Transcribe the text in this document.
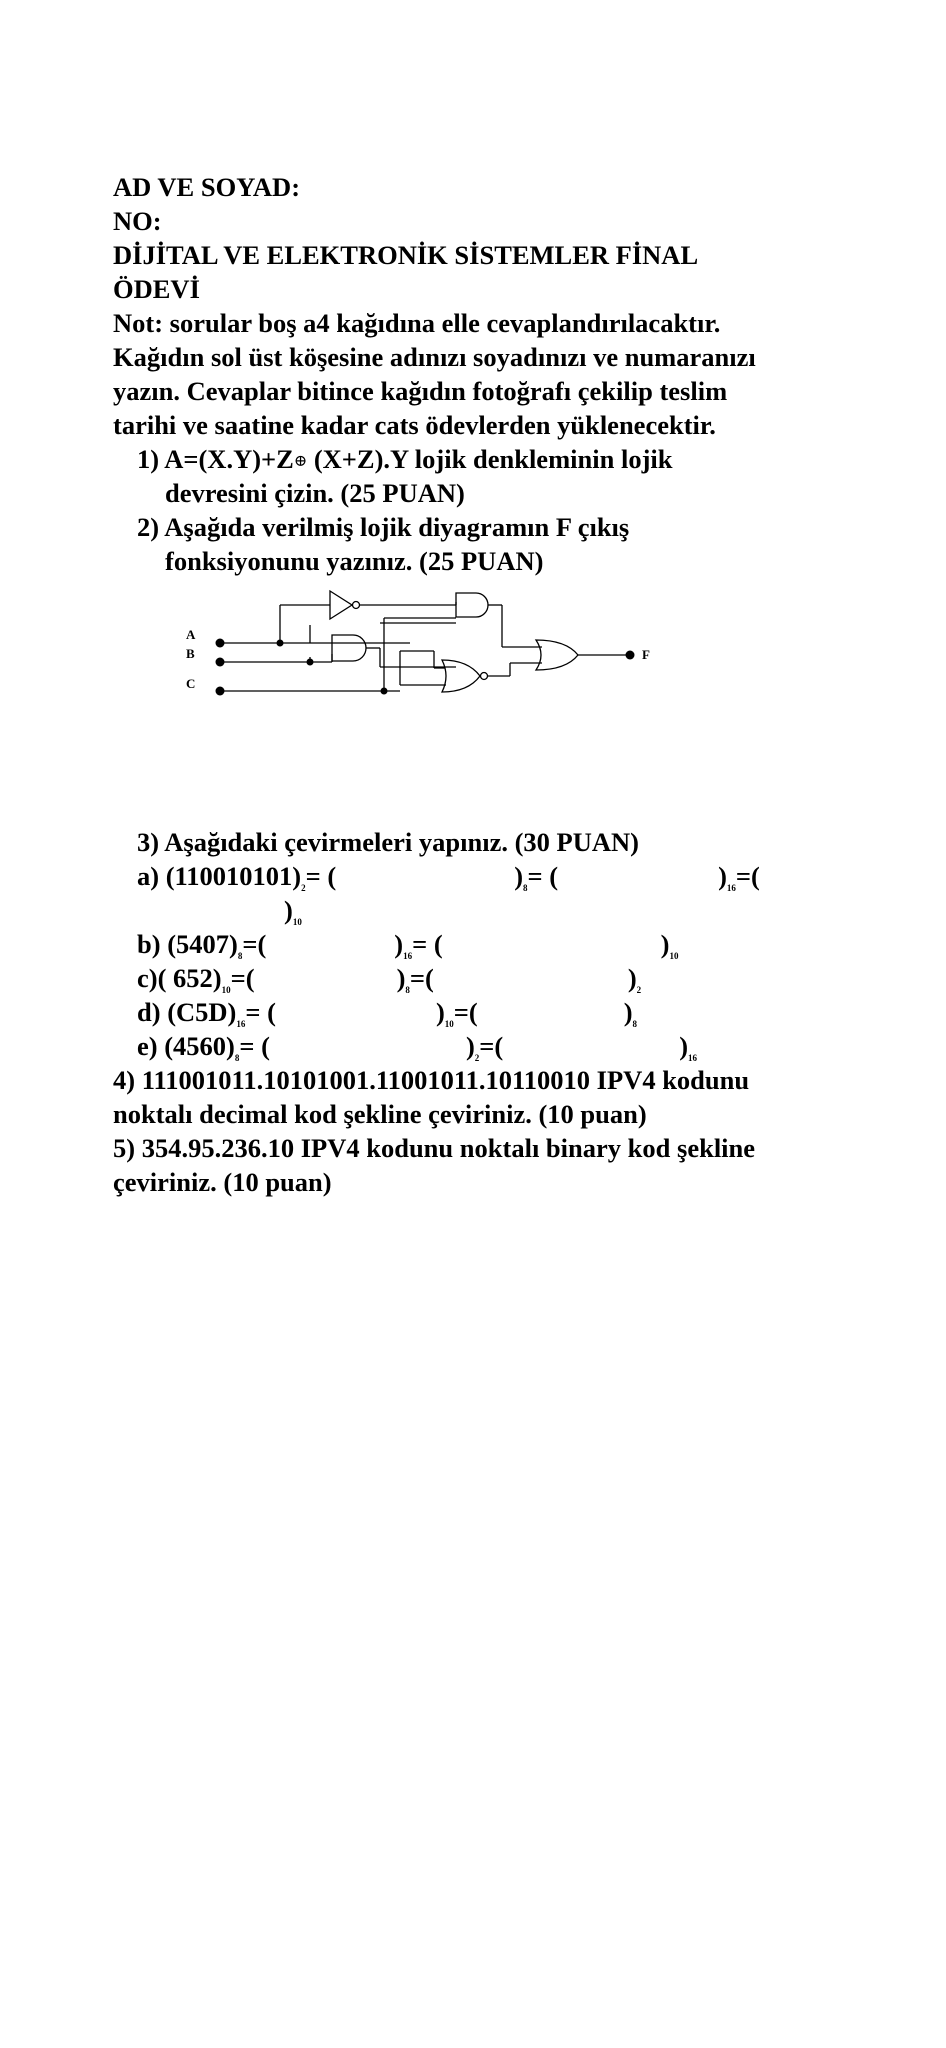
AD VE SOYAD:
NO:
DİJİTAL VE ELEKTRONİK SİSTEMLER FİNAL
ÖDEVİ
Not: sorular boş a4 kağıdına elle cevaplandırılacaktır.
Kağıdın sol üst köşesine adınızı soyadınızı ve numaranızı
yazın. Cevaplar bitince kağıdın fotoğrafı çekilip teslim
tarihi ve saatine kadar cats ödevlerden yüklenecektir.
1) A=(X.Y)+Z⊕ (X+Z).Y lojik denkleminin lojik
devresini çizin. (25 PUAN)
2) Aşağıda verilmiş lojik diyagramın F çıkış
fonksiyonunu yazınız. (25 PUAN)
A
B
C
F
3) Aşağıdaki çevirmeleri yapınız. (30 PUAN)
a) $(110010101)_2=$ (	)$_8=$ (	)$_{16}=$(
)$_{10}$
b) $(5407)_8=$(	)$_{16}=$ (	)$_{10}$
c)( $652)_{10}=$(	)$_8=$(	)$_2$
d) $(C5D)_{16}=$ (	)$_{10}=$(	)$_8$
e) $(4560)_8=$ (	)$_2=$(	)$_{16}$
4) 111001011.10101001.11001011.10110010 IPV4 kodunu
noktalı decimal kod şekline çeviriniz. (10 puan)
5) 354.95.236.10 IPV4 kodunu noktalı binary kod şekline
çeviriniz. (10 puan)
